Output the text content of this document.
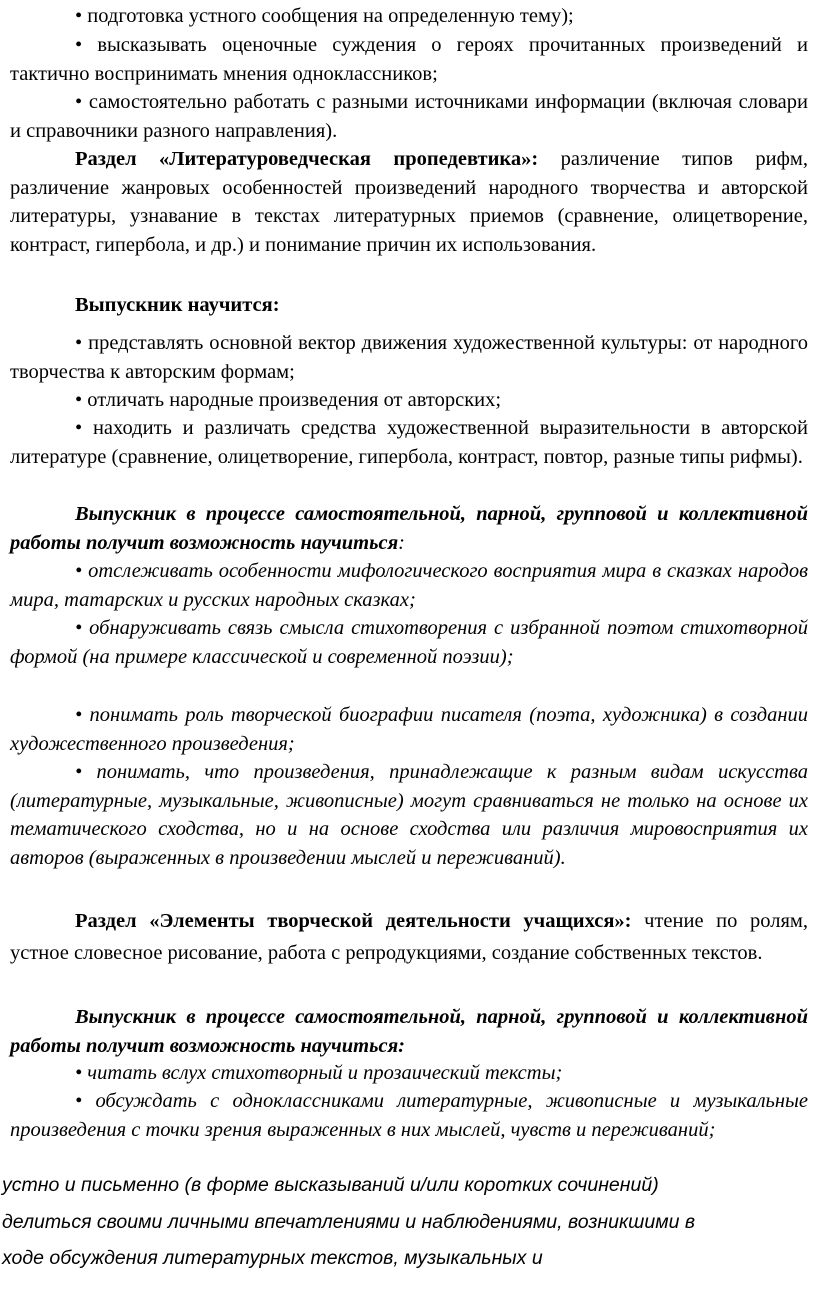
• подготовка устного сообщения на определенную тему);

• высказывать оценочные суждения о героях прочитанных произведений и тактично воспринимать мнения одноклассников;

• самостоятельно работать с разными источниками информации (включая словари и справочники разного направления).

Раздел «Литературоведческая пропедевтика»: различение типов рифм, различение жанровых особенностей произведений народного творчества и авторской литературы, узнавание в текстах литературных приемов (сравнение, олицетворение, контраст, гипербола, и др.) и понимание причин их использования.

Выпускник научится:

• представлять основной вектор движения художественной культуры: от народного творчества к авторским формам;

• отличать народные произведения от авторских;

• находить и различать средства художественной выразительности в авторской литературе (сравнение, олицетворение, гипербола, контраст, повтор, разные типы рифмы).

Выпускник в процессе самостоятельной, парной, групповой и коллективной работы получит возможность научиться:

• отслеживать особенности мифологического восприятия мира в сказках народов мира, татарских и русских народных сказках;

• обнаруживать связь смысла стихотворения с избранной поэтом стихотворной формой (на примере классической и современной поэзии);

• понимать роль творческой биографии писателя (поэта, художника) в создании художественного произведения;

• понимать, что произведения, принадлежащие к разным видам искусства (литературные, музыкальные, живописные) могут сравниваться не только на основе их тематического сходства, но и на основе сходства или различия мировосприятия их авторов (выраженных в произведении мыслей и переживаний).

Раздел «Элементы творческой деятельности учащихся»: чтение по ролям, устное словесное рисование, работа с репродукциями, создание собственных текстов.

Выпускник в процессе самостоятельной, парной, групповой и коллективной работы получит возможность научиться:

• читать вслух стихотворный и прозаический тексты;

• обсуждать с одноклассниками литературные, живописные и музыкальные произведения с точки зрения выраженных в них мыслей, чувств и переживаний;

устно и письменно (в форме высказываний и/или коротких сочинений)

делиться своими личными впечатлениями и наблюдениями, возникшими в

ходе обсуждения литературных текстов, музыкальных и
